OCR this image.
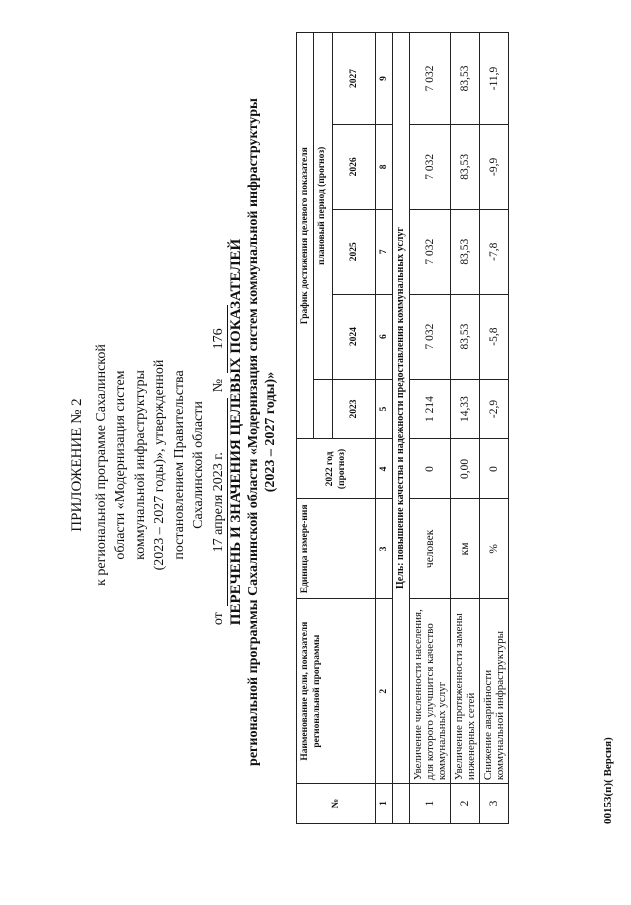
ПРИЛОЖЕНИЕ № 2 к региональной программе Сахалинской области «Модернизация систем коммунальной инфраструктуры (2023 – 2027 годы)», утвержденной постановлением Правительства Сахалинской области
от
17 апреля 2023 г.
№
176 ПЕРЕЧЕНЬ И ЗНАЧЕНИЯ ЦЕЛЕВЫХ ПОКАЗАТЕЛЕЙ региональной программы Сахалинской области «Модернизация систем коммунальной инфраструктуры (2023 – 2027 годы)»
№	Наименование цели, показателя региональной программы	Единица измере-ния	2022 год (прогноз)	График достижения целевого показателя				
					плановый период (прогноз)			
				2023	2024	2025	2026	2027
1	2	3	4	5	6	7	8	9
	Цель: повышение качества и надежности предоставления коммунальных услуг							
1	Увеличение численности населения, для которого улучшится качество коммунальных услуг	человек	0	1 214	7 032	7 032	7 032	7 032
2	Увеличение протяженности замены инженерных сетей	км	0,00	14,33	83,53	83,53	83,53	83,53
3	Снижение аварийности коммунальной инфраструктуры	%	0	-2,9	-5,8	-7,8	-9,9	-11,9
00153(п)( Версия)
